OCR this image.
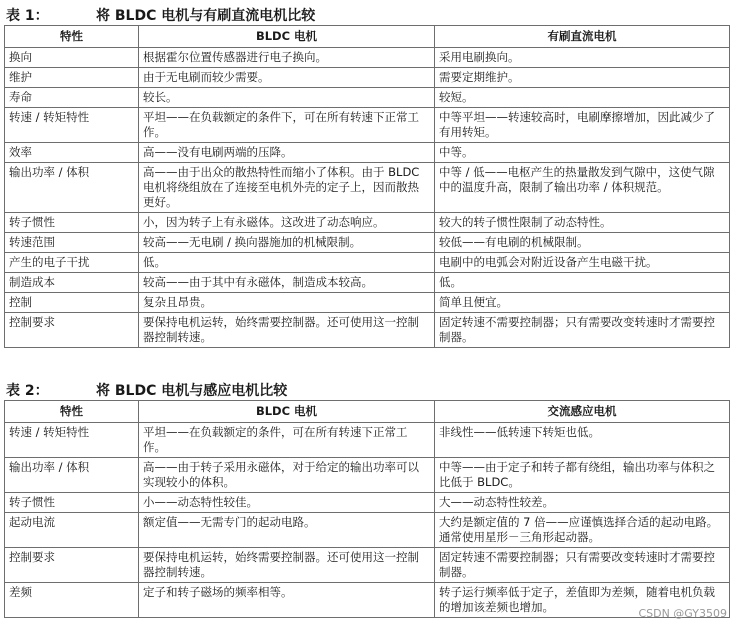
表 1：	将 BLDC 电机与有刷直流电机比较
特性	BLDC 电机	有刷直流电机
换向	根据霍尔位置传感器进行电子换向。	采用电刷换向。
维护	由于无电刷而较少需要。	需要定期维护。
寿命	较长。	较短。
转速 / 转矩特性	平坦——在负载额定的条件下，可在所有转速下正常工作。	中等平坦——转速较高时，电刷摩擦增加，因此减少了有用转矩。
效率	高——没有电刷两端的压降。	中等。
输出功率 / 体积	高——由于出众的散热特性而缩小了体积。由于 BLDC 电机将绕组放在了连接至电机外壳的定子上，因而散热更好。	中等 / 低——电枢产生的热量散发到气隙中，这使气隙中的温度升高，限制了输出功率 / 体积规范。
转子惯性	小，因为转子上有永磁体。这改进了动态响应。	较大的转子惯性限制了动态特性。
转速范围	较高——无电刷 / 换向器施加的机械限制。	较低——有电刷的机械限制。
产生的电子干扰	低。	电刷中的电弧会对附近设备产生电磁干扰。
制造成本	较高——由于其中有永磁体，制造成本较高。	低。
控制	复杂且昂贵。	简单且便宜。
控制要求	要保持电机运转，始终需要控制器。还可使用这一控制器控制转速。	固定转速不需要控制器；只有需要改变转速时才需要控制器。
表 2：	将 BLDC 电机与感应电机比较
特性	BLDC 电机	交流感应电机
转速 / 转矩特性	平坦——在负载额定的条件，可在所有转速下正常工作。	非线性——低转速下转矩也低。
输出功率 / 体积	高——由于转子采用永磁体，对于给定的输出功率可以实现较小的体积。	中等——由于定子和转子都有绕组，输出功率与体积之比低于 BLDC。
转子惯性	小——动态特性较佳。	大——动态特性较差。
起动电流	额定值——无需专门的起动电路。	大约是额定值的 7 倍——应谨慎选择合适的起动电路。通常使用星形－三角形起动器。
控制要求	要保持电机运转，始终需要控制器。还可使用这一控制器控制转速。	固定转速不需要控制器；只有需要改变转速时才需要控制器。
差频	定子和转子磁场的频率相等。	转子运行频率低于定子，差值即为差频，随着电机负载的增加该差频也增加。	CSDN @GY3509
